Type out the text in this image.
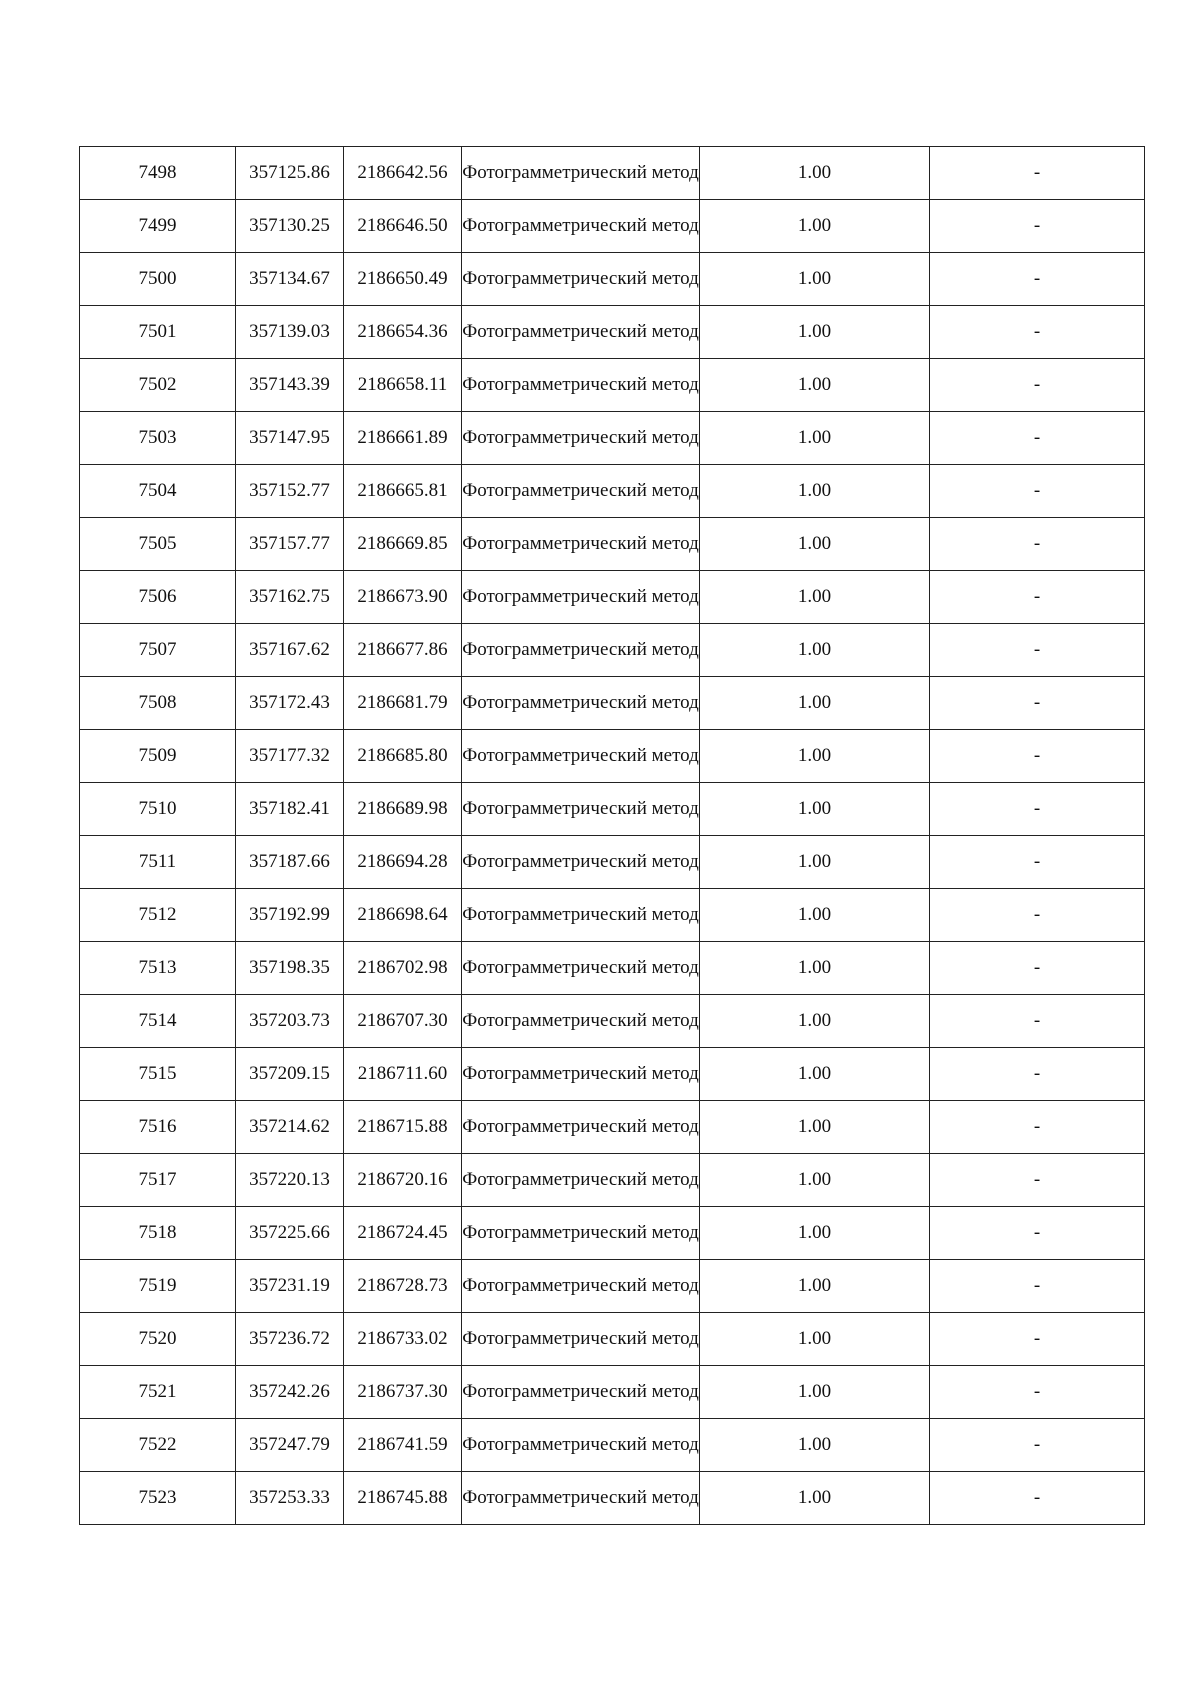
7498	357125.86	2186642.56	Фотограмметрический метод	1.00	-
7499	357130.25	2186646.50	Фотограмметрический метод	1.00	-
7500	357134.67	2186650.49	Фотограмметрический метод	1.00	-
7501	357139.03	2186654.36	Фотограмметрический метод	1.00	-
7502	357143.39	2186658.11	Фотограмметрический метод	1.00	-
7503	357147.95	2186661.89	Фотограмметрический метод	1.00	-
7504	357152.77	2186665.81	Фотограмметрический метод	1.00	-
7505	357157.77	2186669.85	Фотограмметрический метод	1.00	-
7506	357162.75	2186673.90	Фотограмметрический метод	1.00	-
7507	357167.62	2186677.86	Фотограмметрический метод	1.00	-
7508	357172.43	2186681.79	Фотограмметрический метод	1.00	-
7509	357177.32	2186685.80	Фотограмметрический метод	1.00	-
7510	357182.41	2186689.98	Фотограмметрический метод	1.00	-
7511	357187.66	2186694.28	Фотограмметрический метод	1.00	-
7512	357192.99	2186698.64	Фотограмметрический метод	1.00	-
7513	357198.35	2186702.98	Фотограмметрический метод	1.00	-
7514	357203.73	2186707.30	Фотограмметрический метод	1.00	-
7515	357209.15	2186711.60	Фотограмметрический метод	1.00	-
7516	357214.62	2186715.88	Фотограмметрический метод	1.00	-
7517	357220.13	2186720.16	Фотограмметрический метод	1.00	-
7518	357225.66	2186724.45	Фотограмметрический метод	1.00	-
7519	357231.19	2186728.73	Фотограмметрический метод	1.00	-
7520	357236.72	2186733.02	Фотограмметрический метод	1.00	-
7521	357242.26	2186737.30	Фотограмметрический метод	1.00	-
7522	357247.79	2186741.59	Фотограмметрический метод	1.00	-
7523	357253.33	2186745.88	Фотограмметрический метод	1.00	-
